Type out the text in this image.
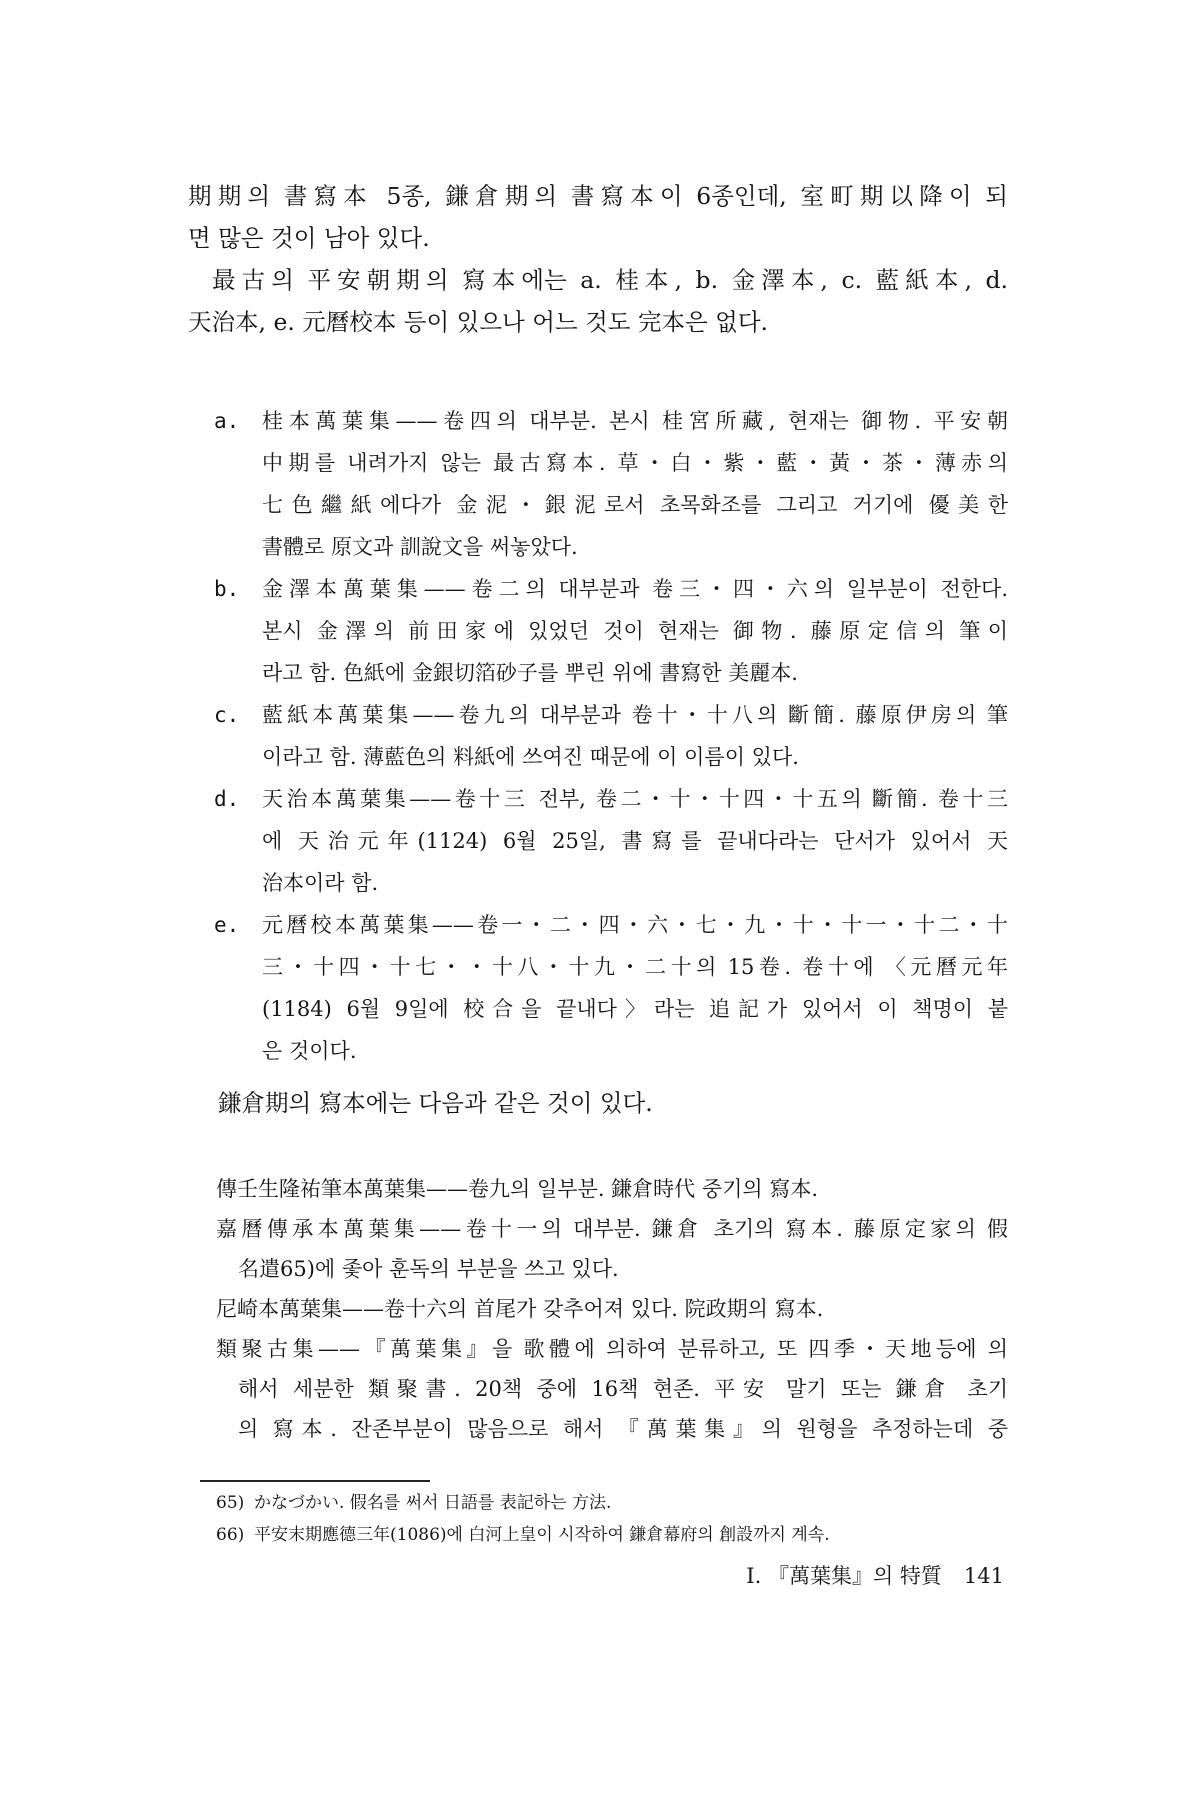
期期의 書寫本 5종, 鎌倉期의 書寫本이 6종인데, 室町期以降이 되

면 많은 것이 남아 있다.

最古의 平安朝期의 寫本에는 a. 桂本, b. 金澤本, c. 藍紙本, d.

天治本, e. 元曆校本 등이 있으나 어느 것도 完本은 없다.

a. 桂本萬葉集——卷四의 대부분. 본시 桂宮所藏, 현재는 御物. 平安朝

中期를 내려가지 않는 最古寫本. 草・白・紫・藍・黃・茶・薄赤의

七色繼紙에다가 金泥・銀泥로서 초목화조를 그리고 거기에 優美한

書體로 原文과 訓說文을 써놓았다.

b. 金澤本萬葉集——卷二의 대부분과 卷三・四・六의 일부분이 전한다.

본시 金澤의 前田家에 있었던 것이 현재는 御物. 藤原定信의 筆이

라고 함. 色紙에 金銀切箔砂子를 뿌린 위에 書寫한 美麗本.

c. 藍紙本萬葉集——卷九의 대부분과 卷十・十八의 斷簡. 藤原伊房의 筆

이라고 함. 薄藍色의 料紙에 쓰여진 때문에 이 이름이 있다.

d. 天治本萬葉集——卷十三 전부, 卷二・十・十四・十五의 斷簡. 卷十三

에 天治元年(1124) 6월 25일, 書寫를 끝내다라는 단서가 있어서 天

治本이라 함.

e. 元曆校本萬葉集——卷一・二・四・六・七・九・十・十一・十二・十

三・十四・十七・・十八・十九・二十의 15卷. 卷十에 〈元曆元年

(1184) 6월 9일에 校合을 끝내다〉라는 追記가 있어서 이 책명이 붙

은 것이다.

鎌倉期의 寫本에는 다음과 같은 것이 있다.

傳壬生隆祐筆本萬葉集——卷九의 일부분. 鎌倉時代 중기의 寫本.

嘉曆傳承本萬葉集——卷十一의 대부분. 鎌倉 초기의 寫本. 藤原定家의 假

名遣65)에 좇아 훈독의 부분을 쓰고 있다.

尼崎本萬葉集——卷十六의 首尾가 갖추어져 있다. 院政期의 寫本.

類聚古集——『萬葉集』을 歌體에 의하여 분류하고, 또 四季・天地등에 의

해서 세분한 類聚書. 20책 중에 16책 현존. 平安 말기 또는 鎌倉 초기

의 寫本. 잔존부분이 많음으로 해서 『萬葉集』의 원형을 추정하는데 중

65) かなづかい. 假名를 써서 日語를 表記하는 方法.
66) 平安末期應德三年(1086)에 白河上皇이 시작하여 鎌倉幕府의 創設까지 계속.
I. 『萬葉集』의 特質 141
